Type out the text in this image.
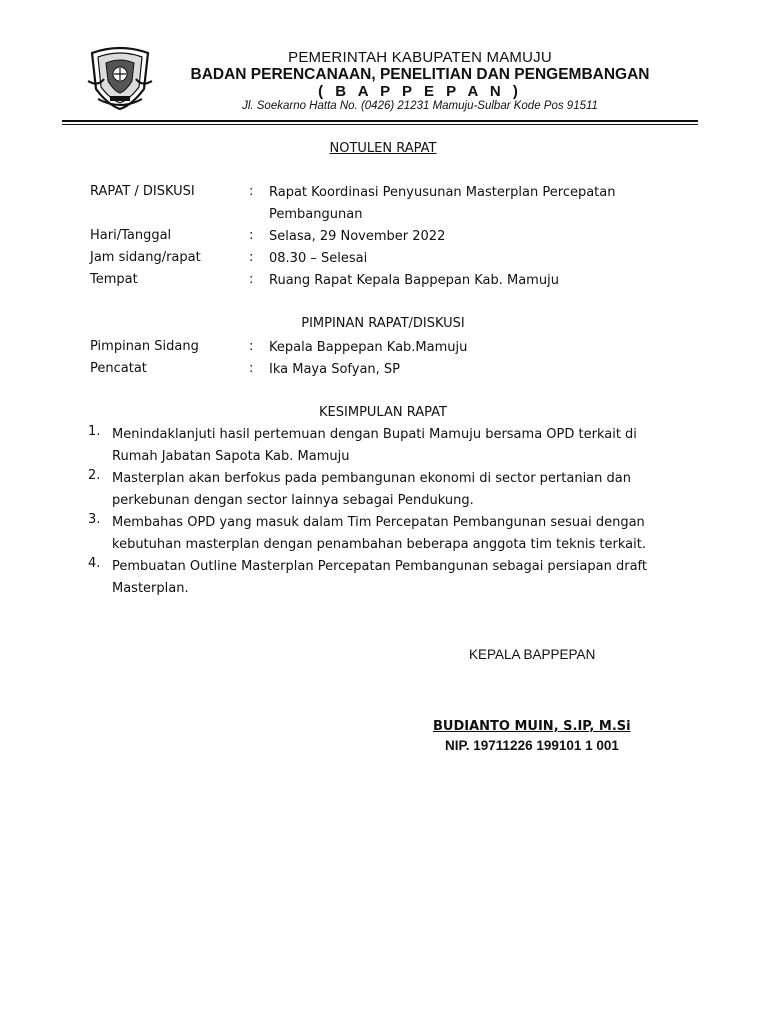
PEMERINTAH KABUPATEN MAMUJU
BADAN PERENCANAAN, PENELITIAN DAN PENGEMBANGAN
( B A P P E P A N )
Jl. Soekarno Hatta No. (0426) 21231 Mamuju-Sulbar Kode Pos 91511
NOTULEN RAPAT
RAPAT / DISKUSI	: Rapat Koordinasi Penyusunan Masterplan Percepatan
Pembangunan
Hari/Tanggal	: Selasa, 29 November 2022
Jam sidang/rapat	: 08.30 – Selesai
Tempat	: Ruang Rapat Kepala Bappepan Kab. Mamuju
PIMPINAN RAPAT/DISKUSI
Pimpinan Sidang	: Kepala Bappepan Kab.Mamuju
Pencatat	: Ika Maya Sofyan, SP
KESIMPULAN RAPAT
1. Menindaklanjuti hasil pertemuan dengan Bupati Mamuju bersama OPD terkait di
Rumah Jabatan Sapota Kab. Mamuju
2. Masterplan akan berfokus pada pembangunan ekonomi di sector pertanian dan
perkebunan dengan sector lainnya sebagai Pendukung.
3. Membahas OPD yang masuk dalam Tim Percepatan Pembangunan sesuai dengan
kebutuhan masterplan dengan penambahan beberapa anggota tim teknis terkait.
4. Pembuatan Outline Masterplan Percepatan Pembangunan sebagai persiapan draft
Masterplan.
KEPALA BAPPEPAN
BUDIANTO MUIN, S.IP, M.Si
NIP. 19711226 199101 1 001
